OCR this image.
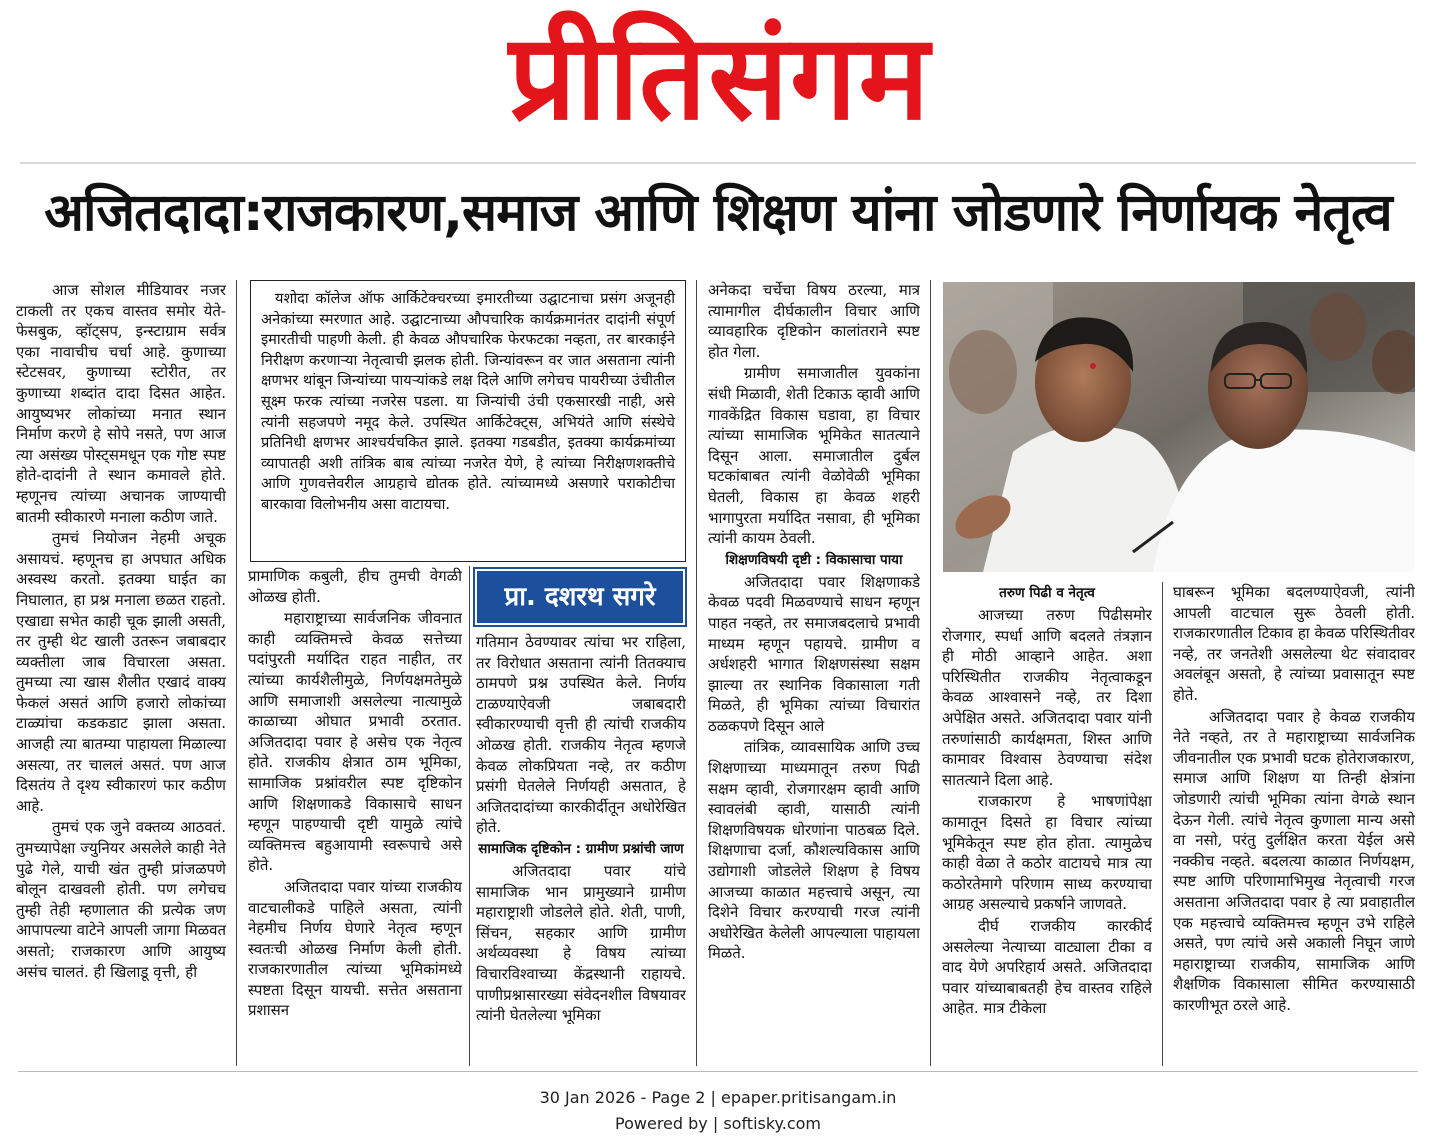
प्रीतिसंगम
अजितदादा:राजकारण,समाज आणि शिक्षण यांना जोडणारे निर्णायक नेतृत्व

आज सोशल मीडियावर नजर टाकली तर एकच वास्तव समोर येते- फेसबुक, व्हॉट्सप, इन्स्टाग्राम सर्वत्र एका नावाचीच चर्चा आहे. कुणाच्या स्टेटसवर, कुणाच्या स्टोरीत, तर कुणाच्या शब्दांत दादा दिसत आहेत. आयुष्यभर लोकांच्या मनात स्थान निर्माण करणे हे सोपे नसते, पण आज त्या असंख्य पोस्ट्समधून एक गोष्ट स्पष्ट होते-दादांनी ते स्थान कमावले होते. म्हणूनच त्यांच्या अचानक जाण्याची बातमी स्वीकारणे मनाला कठीण जाते.

तुमचं नियोजन नेहमी अचूक असायचं. म्हणूनच हा अपघात अधिक अस्वस्थ करतो. इतक्या घाईत का निघालात, हा प्रश्न मनाला छळत राहतो. एखाद्या सभेत काही चूक झाली असती, तर तुम्ही थेट खाली उतरून जबाबदार व्यक्तीला जाब विचारला असता. तुमच्या त्या खास शैलीत एखादं वाक्य फेकलं असतं आणि हजारो लोकांच्या टाळ्यांचा कडकडाट झाला असता. आजही त्या बातम्या पाहायला मिळाल्या असत्या, तर चाललं असतं. पण आज दिसतंय ते दृश्य स्वीकारणं फार कठीण आहे.

तुमचं एक जुने वक्तव्य आठवतं. तुमच्यापेक्षा ज्युनियर असलेले काही नेते पुढे गेले, याची खंत तुम्ही प्रांजळपणे बोलून दाखवली होती. पण लगेचच तुम्ही तेही म्हणालात की प्रत्येक जण आपापल्या वाटेने आपली जागा मिळवत असतो; राजकारण आणि आयुष्य असंच चालतं. ही खिलाडू वृत्ती, ही

यशोदा कॉलेज ऑफ आर्किटेक्चरच्या इमारतीच्या उद्घाटनाचा प्रसंग अजूनही अनेकांच्या स्मरणात आहे. उद्घाटनाच्या औपचारिक कार्यक्रमानंतर दादांनी संपूर्ण इमारतीची पाहणी केली. ही केवळ औपचारिक फेरफटका नव्हता, तर बारकाईने निरीक्षण करणाऱ्या नेतृत्वाची झलक होती. जिन्यांवरून वर जात असताना त्यांनी क्षणभर थांबून जिन्यांच्या पायऱ्यांकडे लक्ष दिले आणि लगेचच पायरीच्या उंचीतील सूक्ष्म फरक त्यांच्या नजरेस पडला. या जिन्यांची उंची एकसारखी नाही, असे त्यांनी सहजपणे नमूद केले. उपस्थित आर्किटेक्ट्स, अभियंते आणि संस्थेचे प्रतिनिधी क्षणभर आश्चर्यचकित झाले. इतक्या गडबडीत, इतक्या कार्यक्रमांच्या व्यापातही अशी तांत्रिक बाब त्यांच्या नजरेत येणे, हे त्यांच्या निरीक्षणशक्तीचे आणि गुणवत्तेवरील आग्रहाचे द्योतक होते. त्यांच्यामध्ये असणारे पराकोटीचा बारकावा विलोभनीय असा वाटायचा.

प्रामाणिक कबुली, हीच तुमची वेगळी ओळख होती.

महाराष्ट्राच्या सार्वजनिक जीवनात काही व्यक्तिमत्त्वे केवळ सत्तेच्या पदांपुरती मर्यादित राहत नाहीत, तर त्यांच्या कार्यशैलीमुळे, निर्णयक्षमतेमुळे आणि समाजाशी असलेल्या नात्यामुळे काळाच्या ओघात प्रभावी ठरतात. अजितदादा पवार हे असेच एक नेतृत्व होते. राजकीय क्षेत्रात ठाम भूमिका, सामाजिक प्रश्नांवरील स्पष्ट दृष्टिकोन आणि शिक्षणाकडे विकासाचे साधन म्हणून पाहण्याची दृष्टी यामुळे त्यांचे व्यक्तिमत्त्व बहुआयामी स्वरूपाचे असे होते.

अजितदादा पवार यांच्या राजकीय वाटचालीकडे पाहिले असता, त्यांनी नेहमीच निर्णय घेणारे नेतृत्व म्हणून स्वतःची ओळख निर्माण केली होती. राजकारणातील त्यांच्या भूमिकांमध्ये स्पष्टता दिसून यायची. सत्तेत असताना प्रशासन

प्रा. दशरथ सगरे

गतिमान ठेवण्यावर त्यांचा भर राहिला, तर विरोधात असताना त्यांनी तितक्याच ठामपणे प्रश्न उपस्थित केले. निर्णय टाळण्याऐवजी जबाबदारी स्वीकारण्याची वृत्ती ही त्यांची राजकीय ओळख होती. राजकीय नेतृत्व म्हणजे केवळ लोकप्रियता नव्हे, तर कठीण प्रसंगी घेतलेले निर्णयही असतात, हे अजितदादांच्या कारकीर्दीतून अधोरेखित होते.

सामाजिक दृष्टिकोन : ग्रामीण प्रश्नांची जाण

अजितदादा पवार यांचे सामाजिक भान प्रामुख्याने ग्रामीण महाराष्ट्राशी जोडलेले होते. शेती, पाणी, सिंचन, सहकार आणि ग्रामीण अर्थव्यवस्था हे विषय त्यांच्या विचारविश्वाच्या केंद्रस्थानी राहायचे. पाणीप्रश्नासारख्या संवेदनशील विषयावर त्यांनी घेतलेल्या भूमिका

अनेकदा चर्चेचा विषय ठरल्या, मात्र त्यामागील दीर्घकालीन विचार आणि व्यावहारिक दृष्टिकोन कालांतराने स्पष्ट होत गेला.

ग्रामीण समाजातील युवकांना संधी मिळावी, शेती टिकाऊ व्हावी आणि गावकेंद्रित विकास घडावा, हा विचार त्यांच्या सामाजिक भूमिकेत सातत्याने दिसून आला. समाजातील दुर्बल घटकांबाबत त्यांनी वेळोवेळी भूमिका घेतली, विकास हा केवळ शहरी भागापुरता मर्यादित नसावा, ही भूमिका त्यांनी कायम ठेवली.

शिक्षणविषयी दृष्टी : विकासाचा पाया

अजितदादा पवार शिक्षणाकडे केवळ पदवी मिळवण्याचे साधन म्हणून पाहत नव्हते, तर समाजबदलाचे प्रभावी माध्यम म्हणून पहायचे. ग्रामीण व अर्धशहरी भागात शिक्षणसंस्था सक्षम झाल्या तर स्थानिक विकासाला गती मिळते, ही भूमिका त्यांच्या विचारांत ठळकपणे दिसून आले

तांत्रिक, व्यावसायिक आणि उच्च शिक्षणाच्या माध्यमातून तरुण पिढी सक्षम व्हावी, रोजगारक्षम व्हावी आणि स्वावलंबी व्हावी, यासाठी त्यांनी शिक्षणविषयक धोरणांना पाठबळ दिले. शिक्षणाचा दर्जा, कौशल्यविकास आणि उद्योगाशी जोडलेले शिक्षण हे विषय आजच्या काळात महत्त्वाचे असून, त्या दिशेने विचार करण्याची गरज त्यांनी अधोरेखित केलेली आपल्याला पाहायला मिळते.

तरुण पिढी व नेतृत्व

आजच्या तरुण पिढीसमोर रोजगार, स्पर्धा आणि बदलते तंत्रज्ञान ही मोठी आव्हाने आहेत. अशा परिस्थितीत राजकीय नेतृत्वाकडून केवळ आश्वासने नव्हे, तर दिशा अपेक्षित असते. अजितदादा पवार यांनी तरुणांसाठी कार्यक्षमता, शिस्त आणि कामावर विश्वास ठेवण्याचा संदेश सातत्याने दिला आहे.

राजकारण हे भाषणांपेक्षा कामातून दिसते हा विचार त्यांच्या भूमिकेतून स्पष्ट होत होता. त्यामुळेच काही वेळा ते कठोर वाटायचे मात्र त्या कठोरतेमागे परिणाम साध्य करण्याचा आग्रह असल्याचे प्रकर्षाने जाणवते.

दीर्घ राजकीय कारकीर्द असलेल्या नेत्याच्या वाट्याला टीका व वाद येणे अपरिहार्य असते. अजितदादा पवार यांच्याबाबतही हेच वास्तव राहिले आहेत. मात्र टीकेला

घाबरून भूमिका बदलण्याऐवजी, त्यांनी आपली वाटचाल सुरू ठेवली होती. राजकारणातील टिकाव हा केवळ परिस्थितीवर नव्हे, तर जनतेशी असलेल्या थेट संवादावर अवलंबून असतो, हे त्यांच्या प्रवासातून स्पष्ट होते.

अजितदादा पवार हे केवळ राजकीय नेते नव्हते, तर ते महाराष्ट्राच्या सार्वजनिक जीवनातील एक प्रभावी घटक होतेराजकारण, समाज आणि शिक्षण या तिन्ही क्षेत्रांना जोडणारी त्यांची भूमिका त्यांना वेगळे स्थान देऊन गेली. त्यांचे नेतृत्व कुणाला मान्य असो वा नसो, परंतु दुर्लक्षित करता येईल असे नक्कीच नव्हते. बदलत्या काळात निर्णयक्षम, स्पष्ट आणि परिणामाभिमुख नेतृत्वाची गरज असताना अजितदादा पवार हे त्या प्रवाहातील एक महत्त्वाचे व्यक्तिमत्त्व म्हणून उभे राहिले असते, पण त्यांचे असे अकाली निघून जाणे महाराष्ट्राच्या राजकीय, सामाजिक आणि शैक्षणिक विकासाला सीमित करण्यासाठी कारणीभूत ठरले आहे.

30 Jan 2026 - Page 2 | epaper.pritisangam.in
Powered by | softisky.com
